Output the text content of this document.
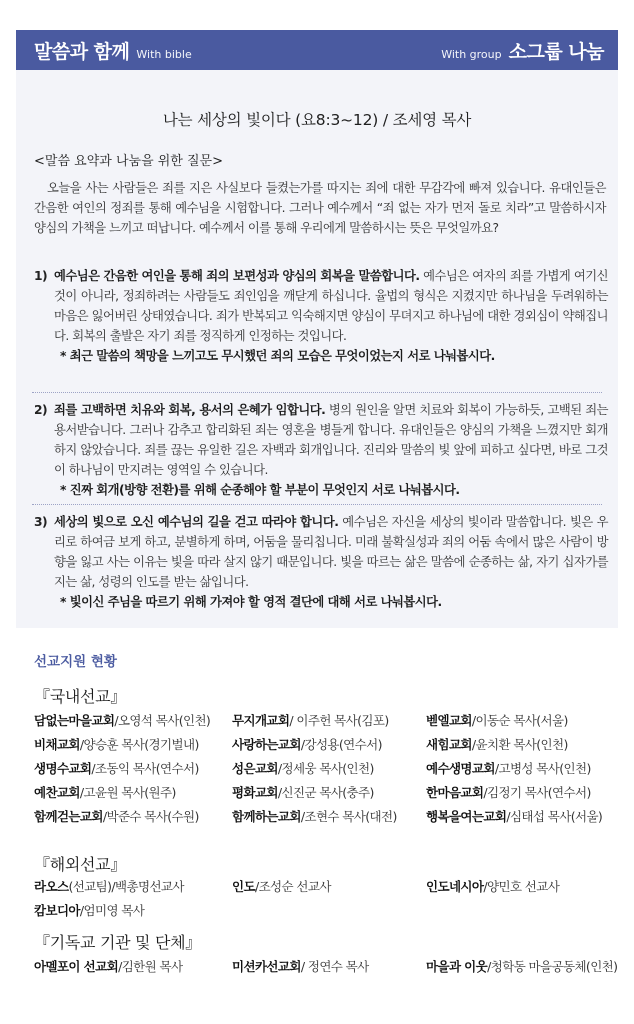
말씀과 함께 With bible	With group 소그룹 나눔
나는 세상의 빛이다 (요8:3~12) / 조세영 목사
<말씀 요약과 나눔을 위한 질문>
오늘을 사는 사람들은 죄를 지은 사실보다 들켰는가를 따지는 죄에 대한 무감각에 빠져 있습니다. 유대인들은 간음한 여인의 정죄를 통해 예수님을 시험합니다. 그러나 예수께서 “죄 없는 자가 먼저 돌로 치라”고 말씀하시자 양심의 가책을 느끼고 떠납니다. 예수께서 이를 통해 우리에게 말씀하시는 뜻은 무엇일까요?
1) 예수님은 간음한 여인을 통해 죄의 보편성과 양심의 회복을 말씀합니다. 예수님은 여자의 죄를 가볍게 여기신 것이 아니라, 정죄하려는 사람들도 죄인임을 깨닫게 하십니다. 율법의 형식은 지켰지만 하나님을 두려워하는 마음은 잃어버린 상태였습니다. 죄가 반복되고 익숙해지면 양심이 무뎌지고 하나님에 대한 경외심이 약해집니다. 회복의 출발은 자기 죄를 정직하게 인정하는 것입니다.
* 최근 말씀의 책망을 느끼고도 무시했던 죄의 모습은 무엇이었는지 서로 나눠봅시다.
2) 죄를 고백하면 치유와 회복, 용서의 은혜가 임합니다. 병의 원인을 알면 치료와 회복이 가능하듯, 고백된 죄는 용서받습니다. 그러나 감추고 합리화된 죄는 영혼을 병들게 합니다. 유대인들은 양심의 가책을 느꼈지만 회개하지 않았습니다. 죄를 끊는 유일한 길은 자백과 회개입니다. 진리와 말씀의 빛 앞에 피하고 싶다면, 바로 그것이 하나님이 만지려는 영역일 수 있습니다.
* 진짜 회개(방향 전환)를 위해 순종해야 할 부분이 무엇인지 서로 나눠봅시다.
3) 세상의 빛으로 오신 예수님의 길을 걷고 따라야 합니다. 예수님은 자신을 세상의 빛이라 말씀합니다. 빛은 우리로 하여금 보게 하고, 분별하게 하며, 어둠을 물리칩니다. 미래 불확실성과 죄의 어둠 속에서 많은 사람이 방향을 잃고 사는 이유는 빛을 따라 살지 않기 때문입니다. 빛을 따르는 삶은 말씀에 순종하는 삶, 자기 십자가를 지는 삶, 성령의 인도를 받는 삶입니다.
* 빛이신 주님을 따르기 위해 가져야 할 영적 결단에 대해 서로 나눠봅시다.
선교지원 현황
『국내선교』
담없는마을교회/오영석 목사(인천)	무지개교회/ 이주헌 목사(김포)	벧엘교회/이동순 목사(서울)
비채교회/양승훈 목사(경기벌내)	사랑하는교회/강성용(연수서)	새힘교회/윤치환 목사(인천)
생명수교회/조동익 목사(연수서)	성은교회/정세웅 목사(인천)	예수생명교회/고병성 목사(인천)
예찬교회/고윤원 목사(원주)	평화교회/신진군 목사(충주)	한마음교회/김정기 목사(연수서)
함께걷는교회/박준수 목사(수원)	함께하는교회/조현수 목사(대전)	행복을여는교회/심태섭 목사(서울)
『해외선교』
라오스(선교팀)/백총명선교사	인도/조성순 선교사	인도네시아/양민호 선교사
캄보디아/엄미영 목사
『기독교 기관 및 단체』
아멜포이 선교회/김한원 목사	미션카선교회/ 정연수 목사	마을과 이웃/청학동 마을공동체(인천)
